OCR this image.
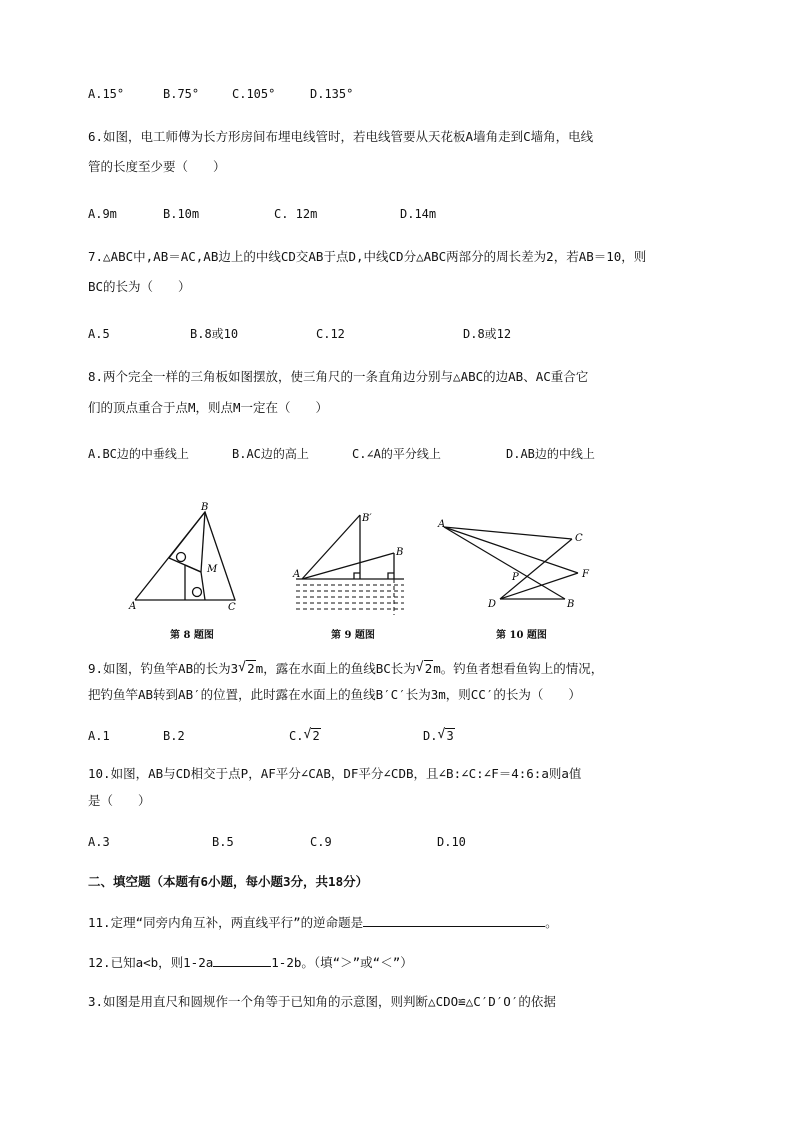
A.15°	B.75°	C.105°	D.135°
6.如图，电工师傅为长方形房间布埋电线管时，若电线管要从天花板A墙角走到C墙角，电线
管的长度至少要（　　）
A.9m	B.10m	C. 12m	D.14m
7.△ABC中,AB＝AC,AB边上的中线CD交AB于点D,中线CD分△ABC两部分的周长差为2，若AB＝10，则
BC的长为（　　）
A.5	B.8或10	C.12	D.8或12
8.两个完全一样的三角板如图摆放，使三角尺的一条直角边分别与△ABC的边AB、AC重合它
们的顶点重合于点M，则点M一定在（　　）
A.BC边的中垂线上	B.AC边的高上	C.∠A的平分线上	D.AB边的中线上
B
M
A	C
第 8 题图
B′
B
A
第 9 题图
A
C
P	F
D	B
第 10 题图
9.如图，钓鱼竿AB的长为3 √ 2m，露在水面上的鱼线BC长为 √ 2m。钓鱼者想看鱼钩上的情况，
把钓鱼竿AB转到AB′的位置，此时露在水面上的鱼线B′C′长为3m，则CC′的长为（　　）
A.1	B.2	C. √ 2	D. √ 3
10.如图，AB与CD相交于点P，AF平分∠CAB，DF平分∠CDB，且∠B:∠C:∠F＝4:6:a则a值
是（　　）
A.3	B.5	C.9	D.10
二、填空题（本题有6小题，每小题3分，共18分）
11.定理“同旁内角互补，两直线平行”的逆命题是	。
12.已知a<b，则1-2a	1-2b。（填“＞”或“＜”）
3.如图是用直尺和圆规作一个角等于已知角的示意图，则判断△CDO≌△C′D′O′的依据
